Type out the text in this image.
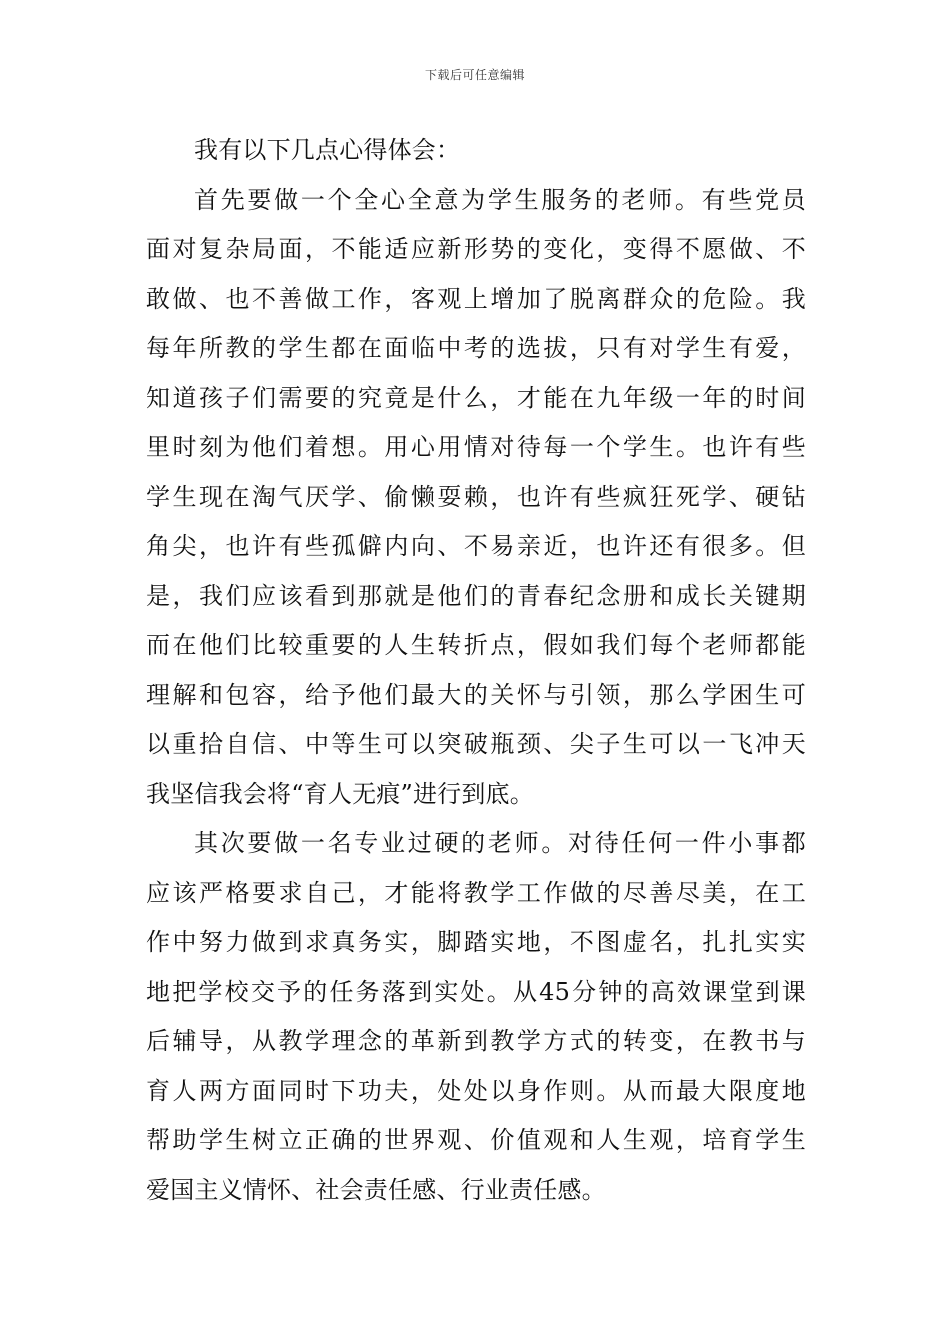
下载后可任意编辑
我有以下几点心得体会：
首先要做一个全心全意为学生服务的老师。有些党员
面对复杂局面，不能适应新形势的变化，变得不愿做、不
敢做、也不善做工作，客观上增加了脱离群众的危险。我
每年所教的学生都在面临中考的选拔，只有对学生有爱，
知道孩子们需要的究竟是什么，才能在九年级一年的时间
里时刻为他们着想。用心用情对待每一个学生。也许有些
学生现在淘气厌学、偷懒耍赖，也许有些疯狂死学、硬钻
角尖，也许有些孤僻内向、不易亲近，也许还有很多。但
是，我们应该看到那就是他们的青春纪念册和成长关键期
而在他们比较重要的人生转折点，假如我们每个老师都能
理解和包容，给予他们最大的关怀与引领，那么学困生可
以重拾自信、中等生可以突破瓶颈、尖子生可以一飞冲天
我坚信我会将“育人无痕”进行到底。
其次要做一名专业过硬的老师。对待任何一件小事都
应该严格要求自己，才能将教学工作做的尽善尽美，在工
作中努力做到求真务实，脚踏实地，不图虚名，扎扎实实
地把学校交予的任务落到实处。从45分钟的高效课堂到课
后辅导，从教学理念的革新到教学方式的转变，在教书与
育人两方面同时下功夫，处处以身作则。从而最大限度地
帮助学生树立正确的世界观、价值观和人生观，培育学生
爱国主义情怀、社会责任感、行业责任感。
